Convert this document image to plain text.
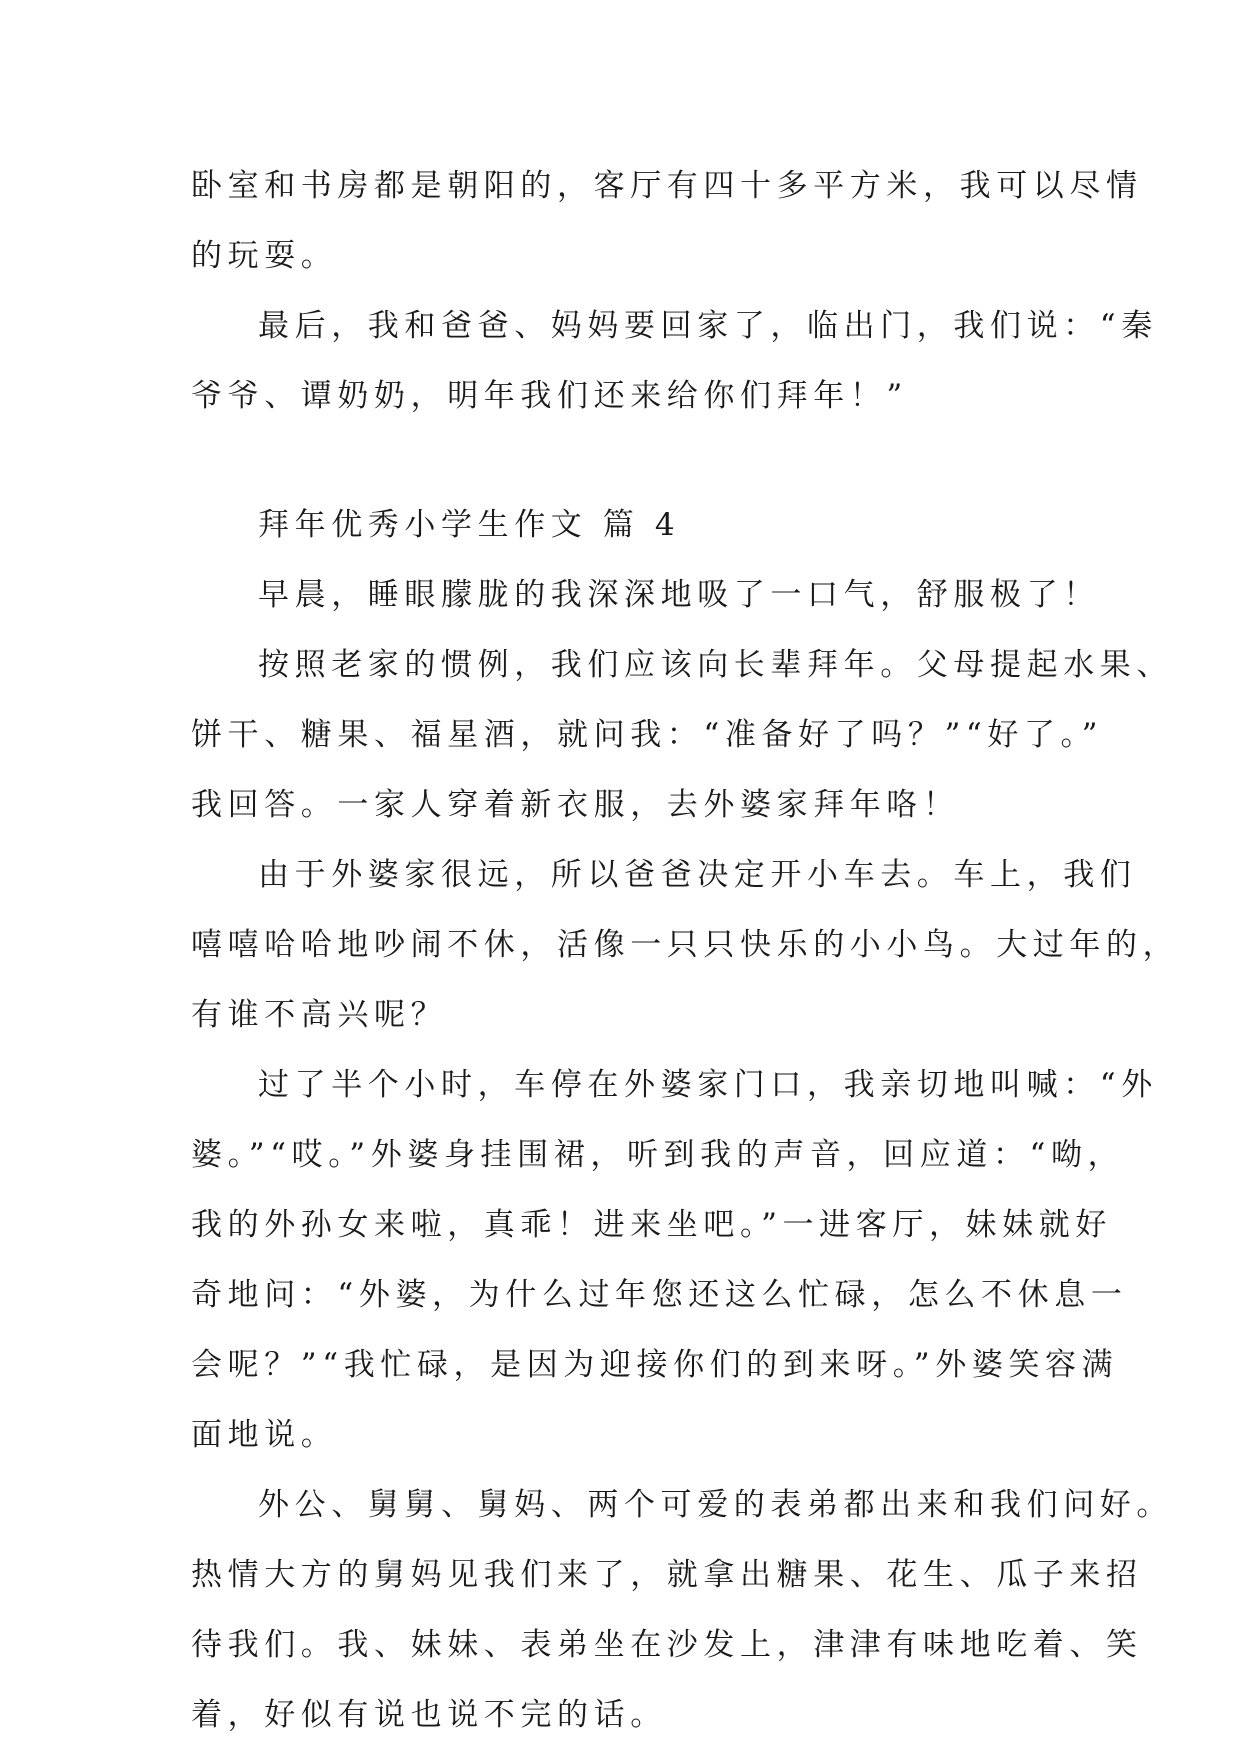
卧室和书房都是朝阳的，客厅有四十多平方米，我可以尽情
的玩耍。
最后，我和爸爸、妈妈要回家了，临出门，我们说：“秦
爷爷、谭奶奶，明年我们还来给你们拜年！”
拜年优秀小学生作文 篇 4
早晨，睡眼朦胧的我深深地吸了一口气，舒服极了！
按照老家的惯例，我们应该向长辈拜年。父母提起水果、
饼干、糖果、福星酒，就问我：“准备好了吗？”“好了。”
我回答。一家人穿着新衣服，去外婆家拜年咯！
由于外婆家很远，所以爸爸决定开小车去。车上，我们
嘻嘻哈哈地吵闹不休，活像一只只快乐的小小鸟。大过年的，
有谁不高兴呢？
过了半个小时，车停在外婆家门口，我亲切地叫喊：“外
婆。”“哎。”外婆身挂围裙，听到我的声音，回应道：“呦，
我的外孙女来啦，真乖！进来坐吧。”一进客厅，妹妹就好
奇地问：“外婆，为什么过年您还这么忙碌，怎么不休息一
会呢？”“我忙碌，是因为迎接你们的到来呀。”外婆笑容满
面地说。
外公、舅舅、舅妈、两个可爱的表弟都出来和我们问好。
热情大方的舅妈见我们来了，就拿出糖果、花生、瓜子来招
待我们。我、妹妹、表弟坐在沙发上，津津有味地吃着、笑
着，好似有说也说不完的话。
